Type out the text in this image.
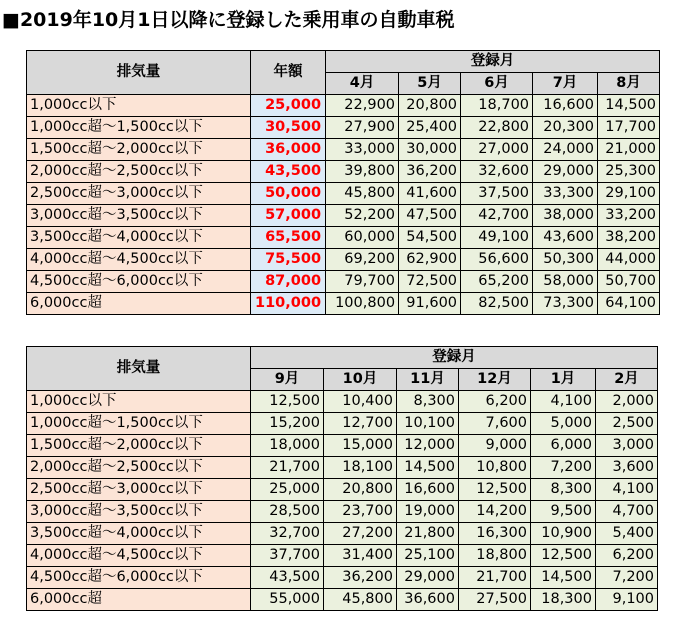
■2019年10月1日以降に登録した乗用車の自動車税
排気量	年額	登録月				
		4月	5月	6月	7月	8月
1,000cc以下	25,000	22,900	20,800	18,700	16,600	14,500
1,000cc超～1,500cc以下	30,500	27,900	25,400	22,800	20,300	17,700
1,500cc超～2,000cc以下	36,000	33,000	30,000	27,000	24,000	21,000
2,000cc超～2,500cc以下	43,500	39,800	36,200	32,600	29,000	25,300
2,500cc超～3,000cc以下	50,000	45,800	41,600	37,500	33,300	29,100
3,000cc超～3,500cc以下	57,000	52,200	47,500	42,700	38,000	33,200
3,500cc超～4,000cc以下	65,500	60,000	54,500	49,100	43,600	38,200
4,000cc超～4,500cc以下	75,500	69,200	62,900	56,600	50,300	44,000
4,500cc超～6,000cc以下	87,000	79,700	72,500	65,200	58,000	50,700
6,000cc超	110,000	100,800	91,600	82,500	73,300	64,100
排気量	登録月					
	9月	10月	11月	12月	1月	2月
1,000cc以下	12,500	10,400	8,300	6,200	4,100	2,000
1,000cc超～1,500cc以下	15,200	12,700	10,100	7,600	5,000	2,500
1,500cc超～2,000cc以下	18,000	15,000	12,000	9,000	6,000	3,000
2,000cc超～2,500cc以下	21,700	18,100	14,500	10,800	7,200	3,600
2,500cc超～3,000cc以下	25,000	20,800	16,600	12,500	8,300	4,100
3,000cc超～3,500cc以下	28,500	23,700	19,000	14,200	9,500	4,700
3,500cc超～4,000cc以下	32,700	27,200	21,800	16,300	10,900	5,400
4,000cc超～4,500cc以下	37,700	31,400	25,100	18,800	12,500	6,200
4,500cc超～6,000cc以下	43,500	36,200	29,000	21,700	14,500	7,200
6,000cc超	55,000	45,800	36,600	27,500	18,300	9,100
